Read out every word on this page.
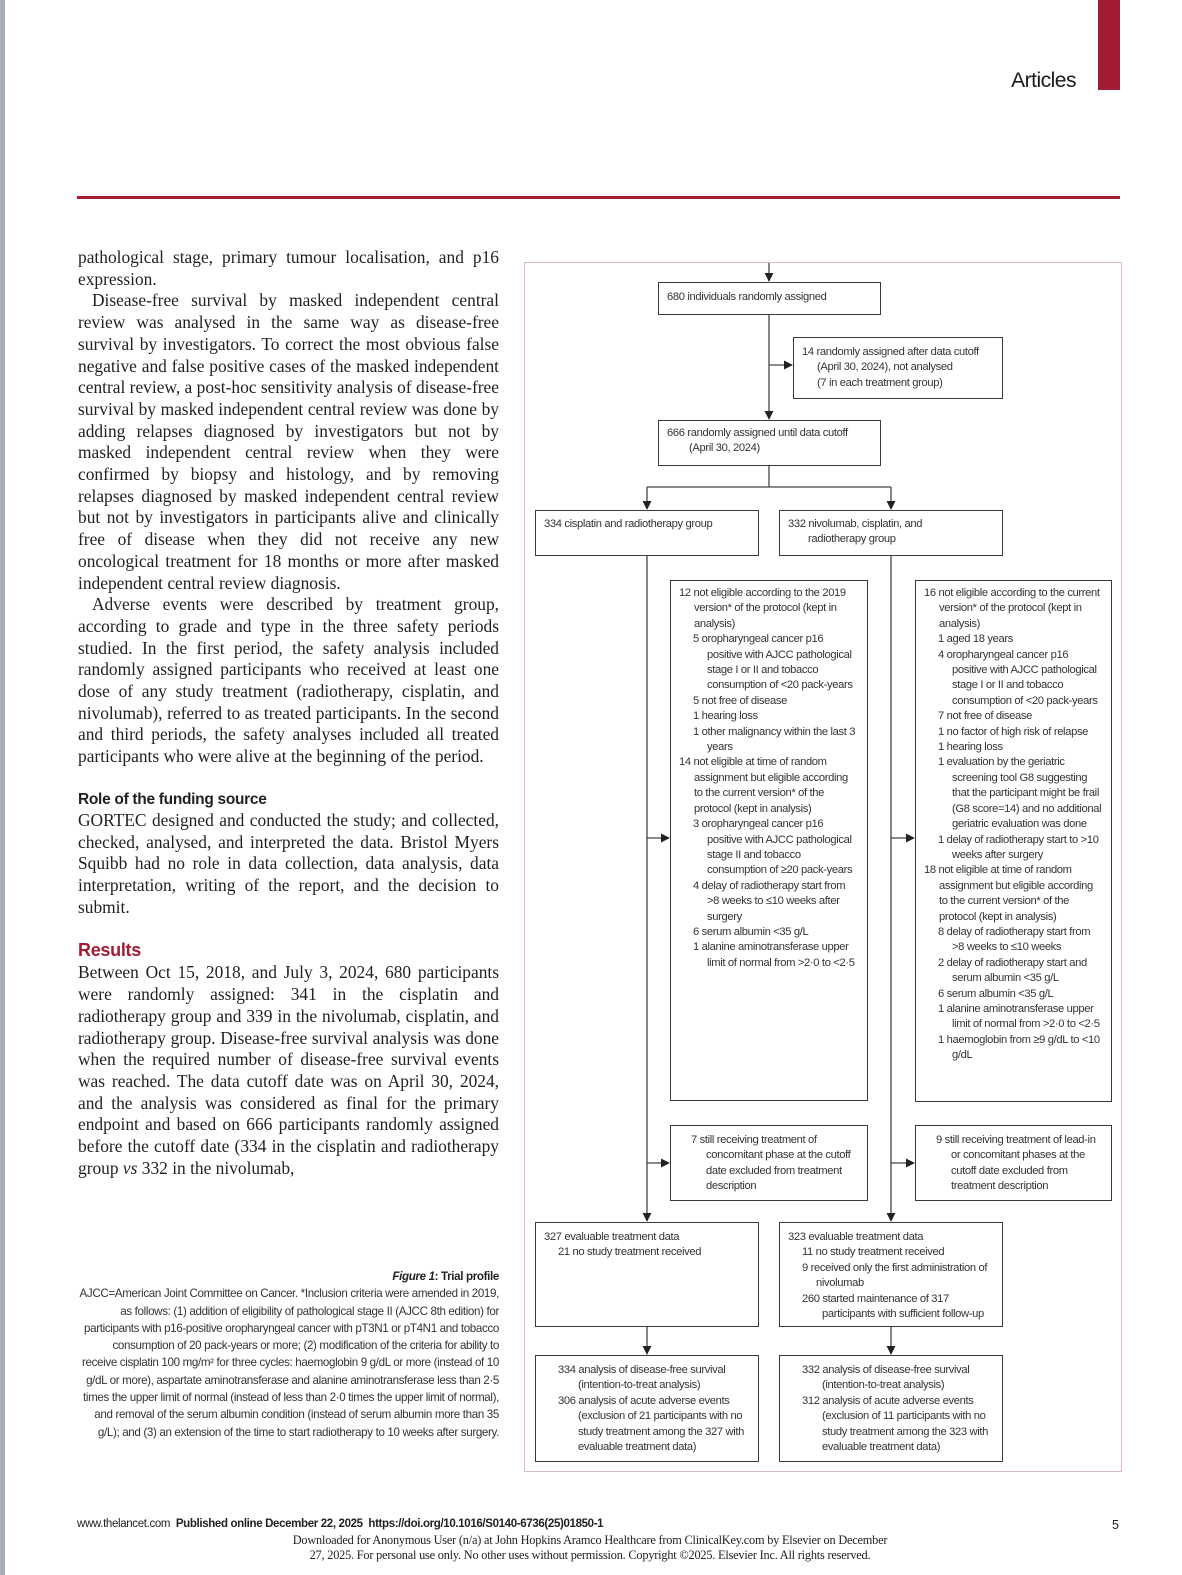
Articles

pathological stage, primary tumour localisation, and p16 expression.

Disease-free survival by masked independent central review was analysed in the same way as disease-free survival by investigators. To correct the most obvious false negative and false positive cases of the masked independent central review, a post-hoc sensitivity analysis of disease-free survival by masked independent central review was done by adding relapses diagnosed by investigators but not by masked independent central review when they were confirmed by biopsy and histology, and by removing relapses diagnosed by masked independent central review but not by investigators in participants alive and clinically free of disease when they did not receive any new oncological treatment for 18 months or more after masked independent central review diagnosis.

Adverse events were described by treatment group, according to grade and type in the three safety periods studied. In the first period, the safety analysis included randomly assigned participants who received at least one dose of any study treatment (radiotherapy, cisplatin, and nivolumab), referred to as treated participants. In the second and third periods, the safety analyses included all treated participants who were alive at the beginning of the period.

Role of the funding source

GORTEC designed and conducted the study; and collected, checked, analysed, and interpreted the data. Bristol Myers Squibb had no role in data collection, data analysis, data interpretation, writing of the report, and the decision to submit.

Results

Between Oct 15, 2018, and July 3, 2024, 680 participants were randomly assigned: 341 in the cisplatin and radiotherapy group and 339 in the nivolumab, cisplatin, and radiotherapy group. Disease-free survival analysis was done when the required number of disease-free survival events was reached. The data cutoff date was on April 30, 2024, and the analysis was considered as final for the primary endpoint and based on 666 participants randomly assigned before the cutoff date (334 in the cisplatin and radiotherapy group vs 332 in the nivolumab,

Figure 1: Trial profile
AJCC=American Joint Committee on Cancer. *Inclusion criteria were amended in 2019, as follows: (1) addition of eligibility of pathological stage II (AJCC 8th edition) for participants with p16-positive oropharyngeal cancer with pT3N1 or pT4N1 and tobacco consumption of 20 pack-years or more; (2) modification of the criteria for ability to receive cisplatin 100 mg/m² for three cycles: haemoglobin 9 g/dL or more (instead of 10 g/dL or more), aspartate aminotransferase and alanine aminotransferase less than 2·5 times the upper limit of normal (instead of less than 2·0 times the upper limit of normal), and removal of the serum albumin condition (instead of serum albumin more than 35 g/L); and (3) an extension of the time to start radiotherapy to 10 weeks after surgery.
680 individuals randomly assigned
14 randomly assigned after data cutoff
(April 30, 2024), not analysed
(7 in each treatment group)
666 randomly assigned until data cutoff
(April 30, 2024)
334 cisplatin and radiotherapy group	332 nivolumab, cisplatin, and
radiotherapy group
12 not eligible according to the 2019 version* of the protocol (kept in analysis)
5 oropharyngeal cancer p16 positive with AJCC pathological stage I or II and tobacco consumption of <20 pack-years
5 not free of disease
1 hearing loss
1 other malignancy within the last 3 years
14 not eligible at time of random assignment but eligible according to the current version* of the protocol (kept in analysis)
3 oropharyngeal cancer p16 positive with AJCC pathological stage II and tobacco consumption of ≥20 pack-years
4 delay of radiotherapy start from >8 weeks to ≤10 weeks after surgery
6 serum albumin <35 g/L
1 alanine aminotransferase upper limit of normal from >2·0 to <2·5
16 not eligible according to the current version* of the protocol (kept in analysis)
1 aged 18 years
4 oropharyngeal cancer p16 positive with AJCC pathological stage I or II and tobacco consumption of <20 pack-years
7 not free of disease
1 no factor of high risk of relapse
1 hearing loss
1 evaluation by the geriatric screening tool G8 suggesting that the participant might be frail (G8 score=14) and no additional geriatric evaluation was done
1 delay of radiotherapy start to >10 weeks after surgery
18 not eligible at time of random assignment but eligible according to the current version* of the protocol (kept in analysis)
8 delay of radiotherapy start from >8 weeks to ≤10 weeks
2 delay of radiotherapy start and serum albumin <35 g/L
6 serum albumin <35 g/L
1 alanine aminotransferase upper limit of normal from >2·0 to <2·5
1 haemoglobin from ≥9 g/dL to <10 g/dL
7 still receiving treatment of concomitant phase at the cutoff date excluded from treatment description
9 still receiving treatment of lead-in or concomitant phases at the cutoff date excluded from treatment description
327 evaluable treatment data
21 no study treatment received
323 evaluable treatment data
11 no study treatment received
9 received only the first administration of nivolumab
260 started maintenance of 317 participants with sufficient follow-up
334 analysis of disease-free survival (intention-to-treat analysis)
306 analysis of acute adverse events (exclusion of 21 participants with no study treatment among the 327 with evaluable treatment data)
332 analysis of disease-free survival (intention-to-treat analysis)
312 analysis of acute adverse events (exclusion of 11 participants with no study treatment among the 323 with evaluable treatment data)
www.thelancet.com Published online December 22, 2025 https://doi.org/10.1016/S0140-6736(25)01850-1	5
Downloaded for Anonymous User (n/a) at John Hopkins Aramco Healthcare from ClinicalKey.com by Elsevier on December
27, 2025. For personal use only. No other uses without permission. Copyright ©2025. Elsevier Inc. All rights reserved.
